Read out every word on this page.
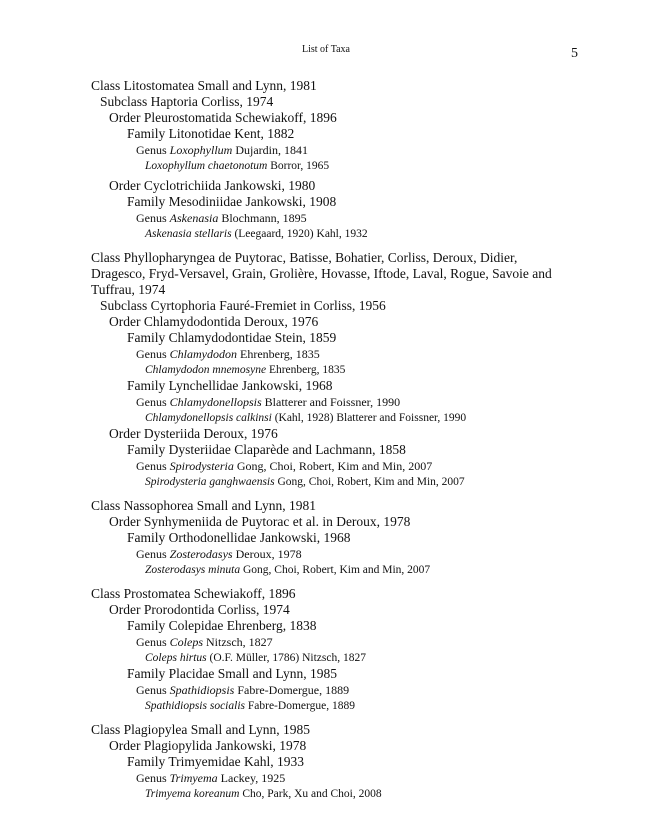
List of Taxa	5

Class Litostomatea Small and Lynn, 1981

Subclass Haptoria Corliss, 1974

Order Pleurostomatida Schewiakoff, 1896

Family Litonotidae Kent, 1882

Genus Loxophyllum Dujardin, 1841

Loxophyllum chaetonotum Borror, 1965

Order Cyclotrichiida Jankowski, 1980

Family Mesodiniidae Jankowski, 1908

Genus Askenasia Blochmann, 1895

Askenasia stellaris (Leegaard, 1920) Kahl, 1932

Class Phyllopharyngea de Puytorac, Batisse, Bohatier, Corliss, Deroux, Didier, Dragesco, Fryd-Versavel, Grain, Grolière, Hovasse, Iftode, Laval, Rogue, Savoie and Tuffrau, 1974

Subclass Cyrtophoria Fauré-Fremiet in Corliss, 1956

Order Chlamydodontida Deroux, 1976

Family Chlamydodontidae Stein, 1859

Genus Chlamydodon Ehrenberg, 1835

Chlamydodon mnemosyne Ehrenberg, 1835

Family Lynchellidae Jankowski, 1968

Genus Chlamydonellopsis Blatterer and Foissner, 1990

Chlamydonellopsis calkinsi (Kahl, 1928) Blatterer and Foissner, 1990

Order Dysteriida Deroux, 1976

Family Dysteriidae Claparède and Lachmann, 1858

Genus Spirodysteria Gong, Choi, Robert, Kim and Min, 2007

Spirodysteria ganghwaensis Gong, Choi, Robert, Kim and Min, 2007

Class Nassophorea Small and Lynn, 1981

Order Synhymeniida de Puytorac et al. in Deroux, 1978

Family Orthodonellidae Jankowski, 1968

Genus Zosterodasys Deroux, 1978

Zosterodasys minuta Gong, Choi, Robert, Kim and Min, 2007

Class Prostomatea Schewiakoff, 1896

Order Prorodontida Corliss, 1974

Family Colepidae Ehrenberg, 1838

Genus Coleps Nitzsch, 1827

Coleps hirtus (O.F. Müller, 1786) Nitzsch, 1827

Family Placidae Small and Lynn, 1985

Genus Spathidiopsis Fabre-Domergue, 1889

Spathidiopsis socialis Fabre-Domergue, 1889

Class Plagiopylea Small and Lynn, 1985

Order Plagiopylida Jankowski, 1978

Family Trimyemidae Kahl, 1933

Genus Trimyema Lackey, 1925

Trimyema koreanum Cho, Park, Xu and Choi, 2008
